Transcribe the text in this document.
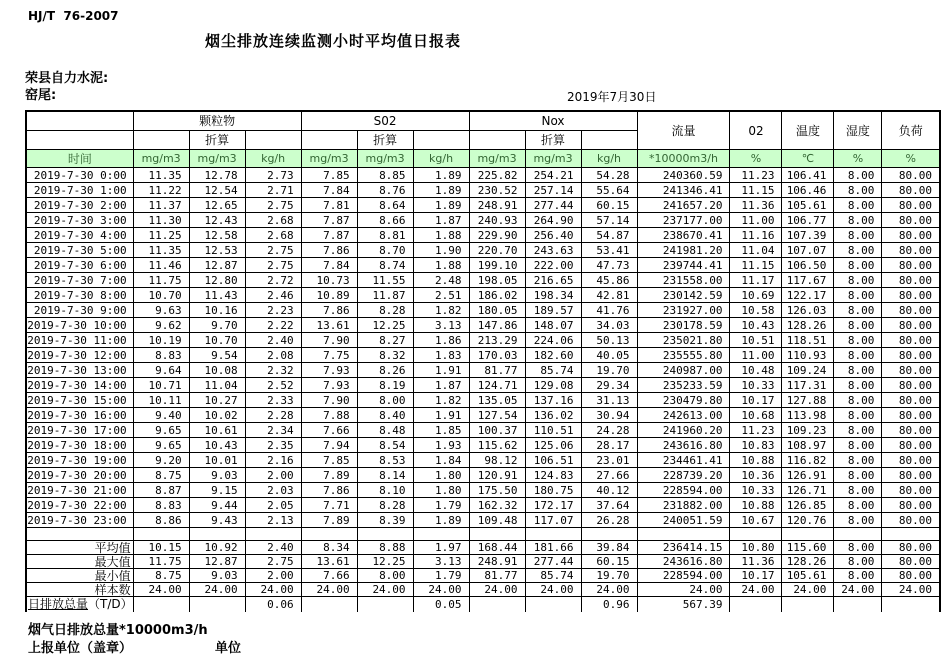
HJ/T  76-2007
烟尘排放连续监测小时平均值日报表
荣县自力水泥:
窑尾:	2019年7月30日
	颗粒物			S02			Nox			流量	02	温度	湿度	负荷
		折算			折算			折算						
时间	mg/m3	mg/m3	kg/h	mg/m3	mg/m3	kg/h	mg/m3	mg/m3	kg/h	*10000m3/h	%	℃	%	%
2019-7-30 0:00	11.35	12.78	2.73	7.85	8.85	1.89	225.82	254.21	54.28	240360.59	11.23	106.41	8.00	80.00
2019-7-30 1:00	11.22	12.54	2.71	7.84	8.76	1.89	230.52	257.14	55.64	241346.41	11.15	106.46	8.00	80.00
2019-7-30 2:00	11.37	12.65	2.75	7.81	8.64	1.89	248.91	277.44	60.15	241657.20	11.36	105.61	8.00	80.00
2019-7-30 3:00	11.30	12.43	2.68	7.87	8.66	1.87	240.93	264.90	57.14	237177.00	11.00	106.77	8.00	80.00
2019-7-30 4:00	11.25	12.58	2.68	7.87	8.81	1.88	229.90	256.40	54.87	238670.41	11.16	107.39	8.00	80.00
2019-7-30 5:00	11.35	12.53	2.75	7.86	8.70	1.90	220.70	243.63	53.41	241981.20	11.04	107.07	8.00	80.00
2019-7-30 6:00	11.46	12.87	2.75	7.84	8.74	1.88	199.10	222.00	47.73	239744.41	11.15	106.50	8.00	80.00
2019-7-30 7:00	11.75	12.80	2.72	10.73	11.55	2.48	198.05	216.65	45.86	231558.00	11.17	117.67	8.00	80.00
2019-7-30 8:00	10.70	11.43	2.46	10.89	11.87	2.51	186.02	198.34	42.81	230142.59	10.69	122.17	8.00	80.00
2019-7-30 9:00	9.63	10.16	2.23	7.86	8.28	1.82	180.05	189.57	41.76	231927.00	10.58	126.03	8.00	80.00
2019-7-30 10:00	9.62	9.70	2.22	13.61	12.25	3.13	147.86	148.07	34.03	230178.59	10.43	128.26	8.00	80.00
2019-7-30 11:00	10.19	10.70	2.40	7.90	8.27	1.86	213.29	224.06	50.13	235021.80	10.51	118.51	8.00	80.00
2019-7-30 12:00	8.83	9.54	2.08	7.75	8.32	1.83	170.03	182.60	40.05	235555.80	11.00	110.93	8.00	80.00
2019-7-30 13:00	9.64	10.08	2.32	7.93	8.26	1.91	81.77	85.74	19.70	240987.00	10.48	109.24	8.00	80.00
2019-7-30 14:00	10.71	11.04	2.52	7.93	8.19	1.87	124.71	129.08	29.34	235233.59	10.33	117.31	8.00	80.00
2019-7-30 15:00	10.11	10.27	2.33	7.90	8.00	1.82	135.05	137.16	31.13	230479.80	10.17	127.88	8.00	80.00
2019-7-30 16:00	9.40	10.02	2.28	7.88	8.40	1.91	127.54	136.02	30.94	242613.00	10.68	113.98	8.00	80.00
2019-7-30 17:00	9.65	10.61	2.34	7.66	8.48	1.85	100.37	110.51	24.28	241960.20	11.23	109.23	8.00	80.00
2019-7-30 18:00	9.65	10.43	2.35	7.94	8.54	1.93	115.62	125.06	28.17	243616.80	10.83	108.97	8.00	80.00
2019-7-30 19:00	9.20	10.01	2.16	7.85	8.53	1.84	98.12	106.51	23.01	234461.41	10.88	116.82	8.00	80.00
2019-7-30 20:00	8.75	9.03	2.00	7.89	8.14	1.80	120.91	124.83	27.66	228739.20	10.36	126.91	8.00	80.00
2019-7-30 21:00	8.87	9.15	2.03	7.86	8.10	1.80	175.50	180.75	40.12	228594.00	10.33	126.71	8.00	80.00
2019-7-30 22:00	8.83	9.44	2.05	7.71	8.28	1.79	162.32	172.17	37.64	231882.00	10.88	126.85	8.00	80.00
2019-7-30 23:00	8.86	9.43	2.13	7.89	8.39	1.89	109.48	117.07	26.28	240051.59	10.67	120.76	8.00	80.00

平均值	10.15	10.92	2.40	8.34	8.88	1.97	168.44	181.66	39.84	236414.15	10.80	115.60	8.00	80.00
最大值	11.75	12.87	2.75	13.61	12.25	3.13	248.91	277.44	60.15	243616.80	11.36	128.26	8.00	80.00
最小值	8.75	9.03	2.00	7.66	8.00	1.79	81.77	85.74	19.70	228594.00	10.17	105.61	8.00	80.00
样本数	24.00	24.00	24.00	24.00	24.00	24.00	24.00	24.00	24.00	24.00	24.00	24.00	24.00	24.00
日排放总量（T/D）			0.06			0.05			0.96	567.39				
烟气日排放总量*10000m3/h
上报单位（盖章）	单位
